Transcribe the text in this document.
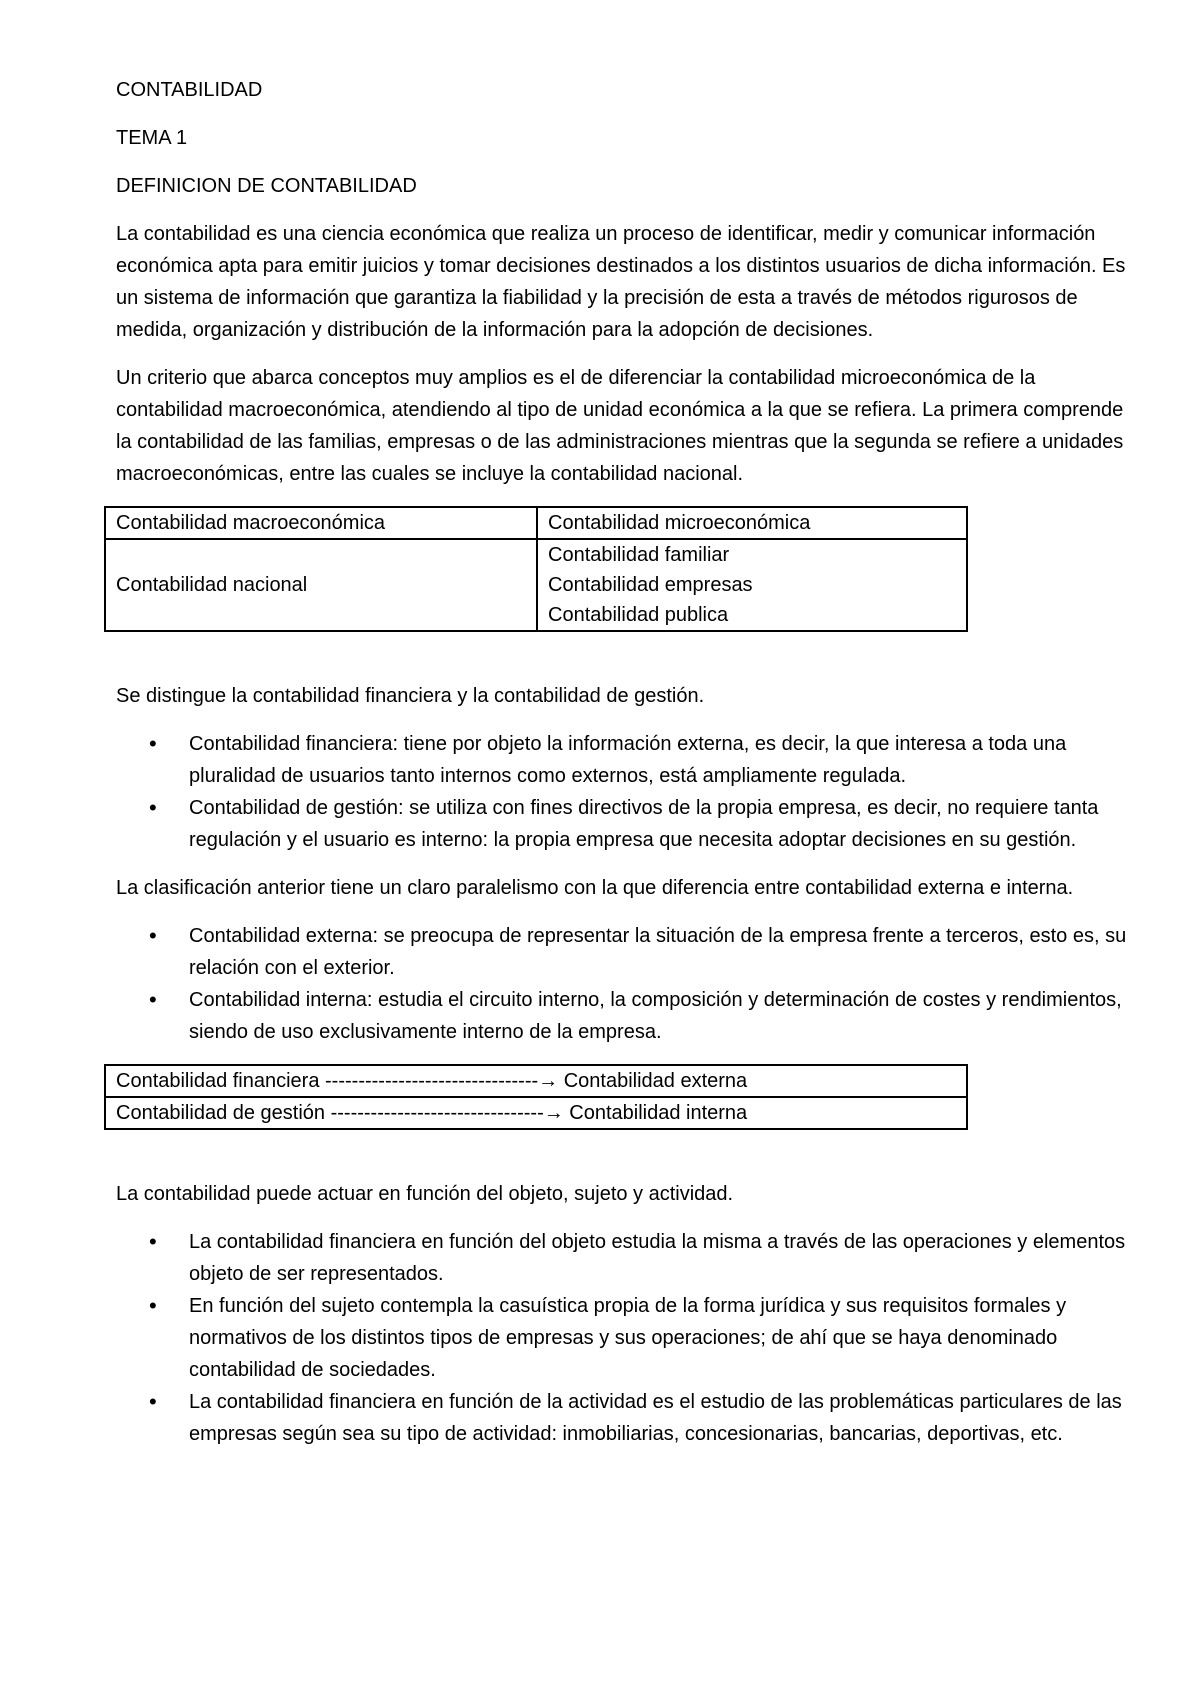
CONTABILIDAD
TEMA 1
DEFINICION DE CONTABILIDAD

La contabilidad es una ciencia económica que realiza un proceso de identificar, medir y comunicar información económica apta para emitir juicios y tomar decisiones destinados a los distintos usuarios de dicha información. Es un sistema de información que garantiza la fiabilidad y la precisión de esta a través de métodos rigurosos de medida, organización y distribución de la información para la adopción de decisiones.

Un criterio que abarca conceptos muy amplios es el de diferenciar la contabilidad microeconómica de la contabilidad macroeconómica, atendiendo al tipo de unidad económica a la que se refiera. La primera comprende la contabilidad de las familias, empresas o de las administraciones mientras que la segunda se refiere a unidades macroeconómicas, entre las cuales se incluye la contabilidad nacional.

Contabilidad macroeconómica	Contabilidad microeconómica
Contabilidad nacional	Contabilidad familiar
Contabilidad empresas
Contabilidad publica

Se distingue la contabilidad financiera y la contabilidad de gestión.

• Contabilidad financiera: tiene por objeto la información externa, es decir, la que interesa a toda una pluralidad de usuarios tanto internos como externos, está ampliamente regulada.
• Contabilidad de gestión: se utiliza con fines directivos de la propia empresa, es decir, no requiere tanta regulación y el usuario es interno: la propia empresa que necesita adoptar decisiones en su gestión.

La clasificación anterior tiene un claro paralelismo con la que diferencia entre contabilidad externa e interna.

• Contabilidad externa: se preocupa de representar la situación de la empresa frente a terceros, esto es, su relación con el exterior.
• Contabilidad interna: estudia el circuito interno, la composición y determinación de costes y rendimientos, siendo de uso exclusivamente interno de la empresa.
Contabilidad financiera --------------------------------→ Contabilidad externa
Contabilidad de gestión --------------------------------→ Contabilidad interna

La contabilidad puede actuar en función del objeto, sujeto y actividad.

• La contabilidad financiera en función del objeto estudia la misma a través de las operaciones y elementos objeto de ser representados.
• En función del sujeto contempla la casuística propia de la forma jurídica y sus requisitos formales y normativos de los distintos tipos de empresas y sus operaciones; de ahí que se haya denominado contabilidad de sociedades.
• La contabilidad financiera en función de la actividad es el estudio de las problemáticas particulares de las empresas según sea su tipo de actividad: inmobiliarias, concesionarias, bancarias, deportivas, etc.
